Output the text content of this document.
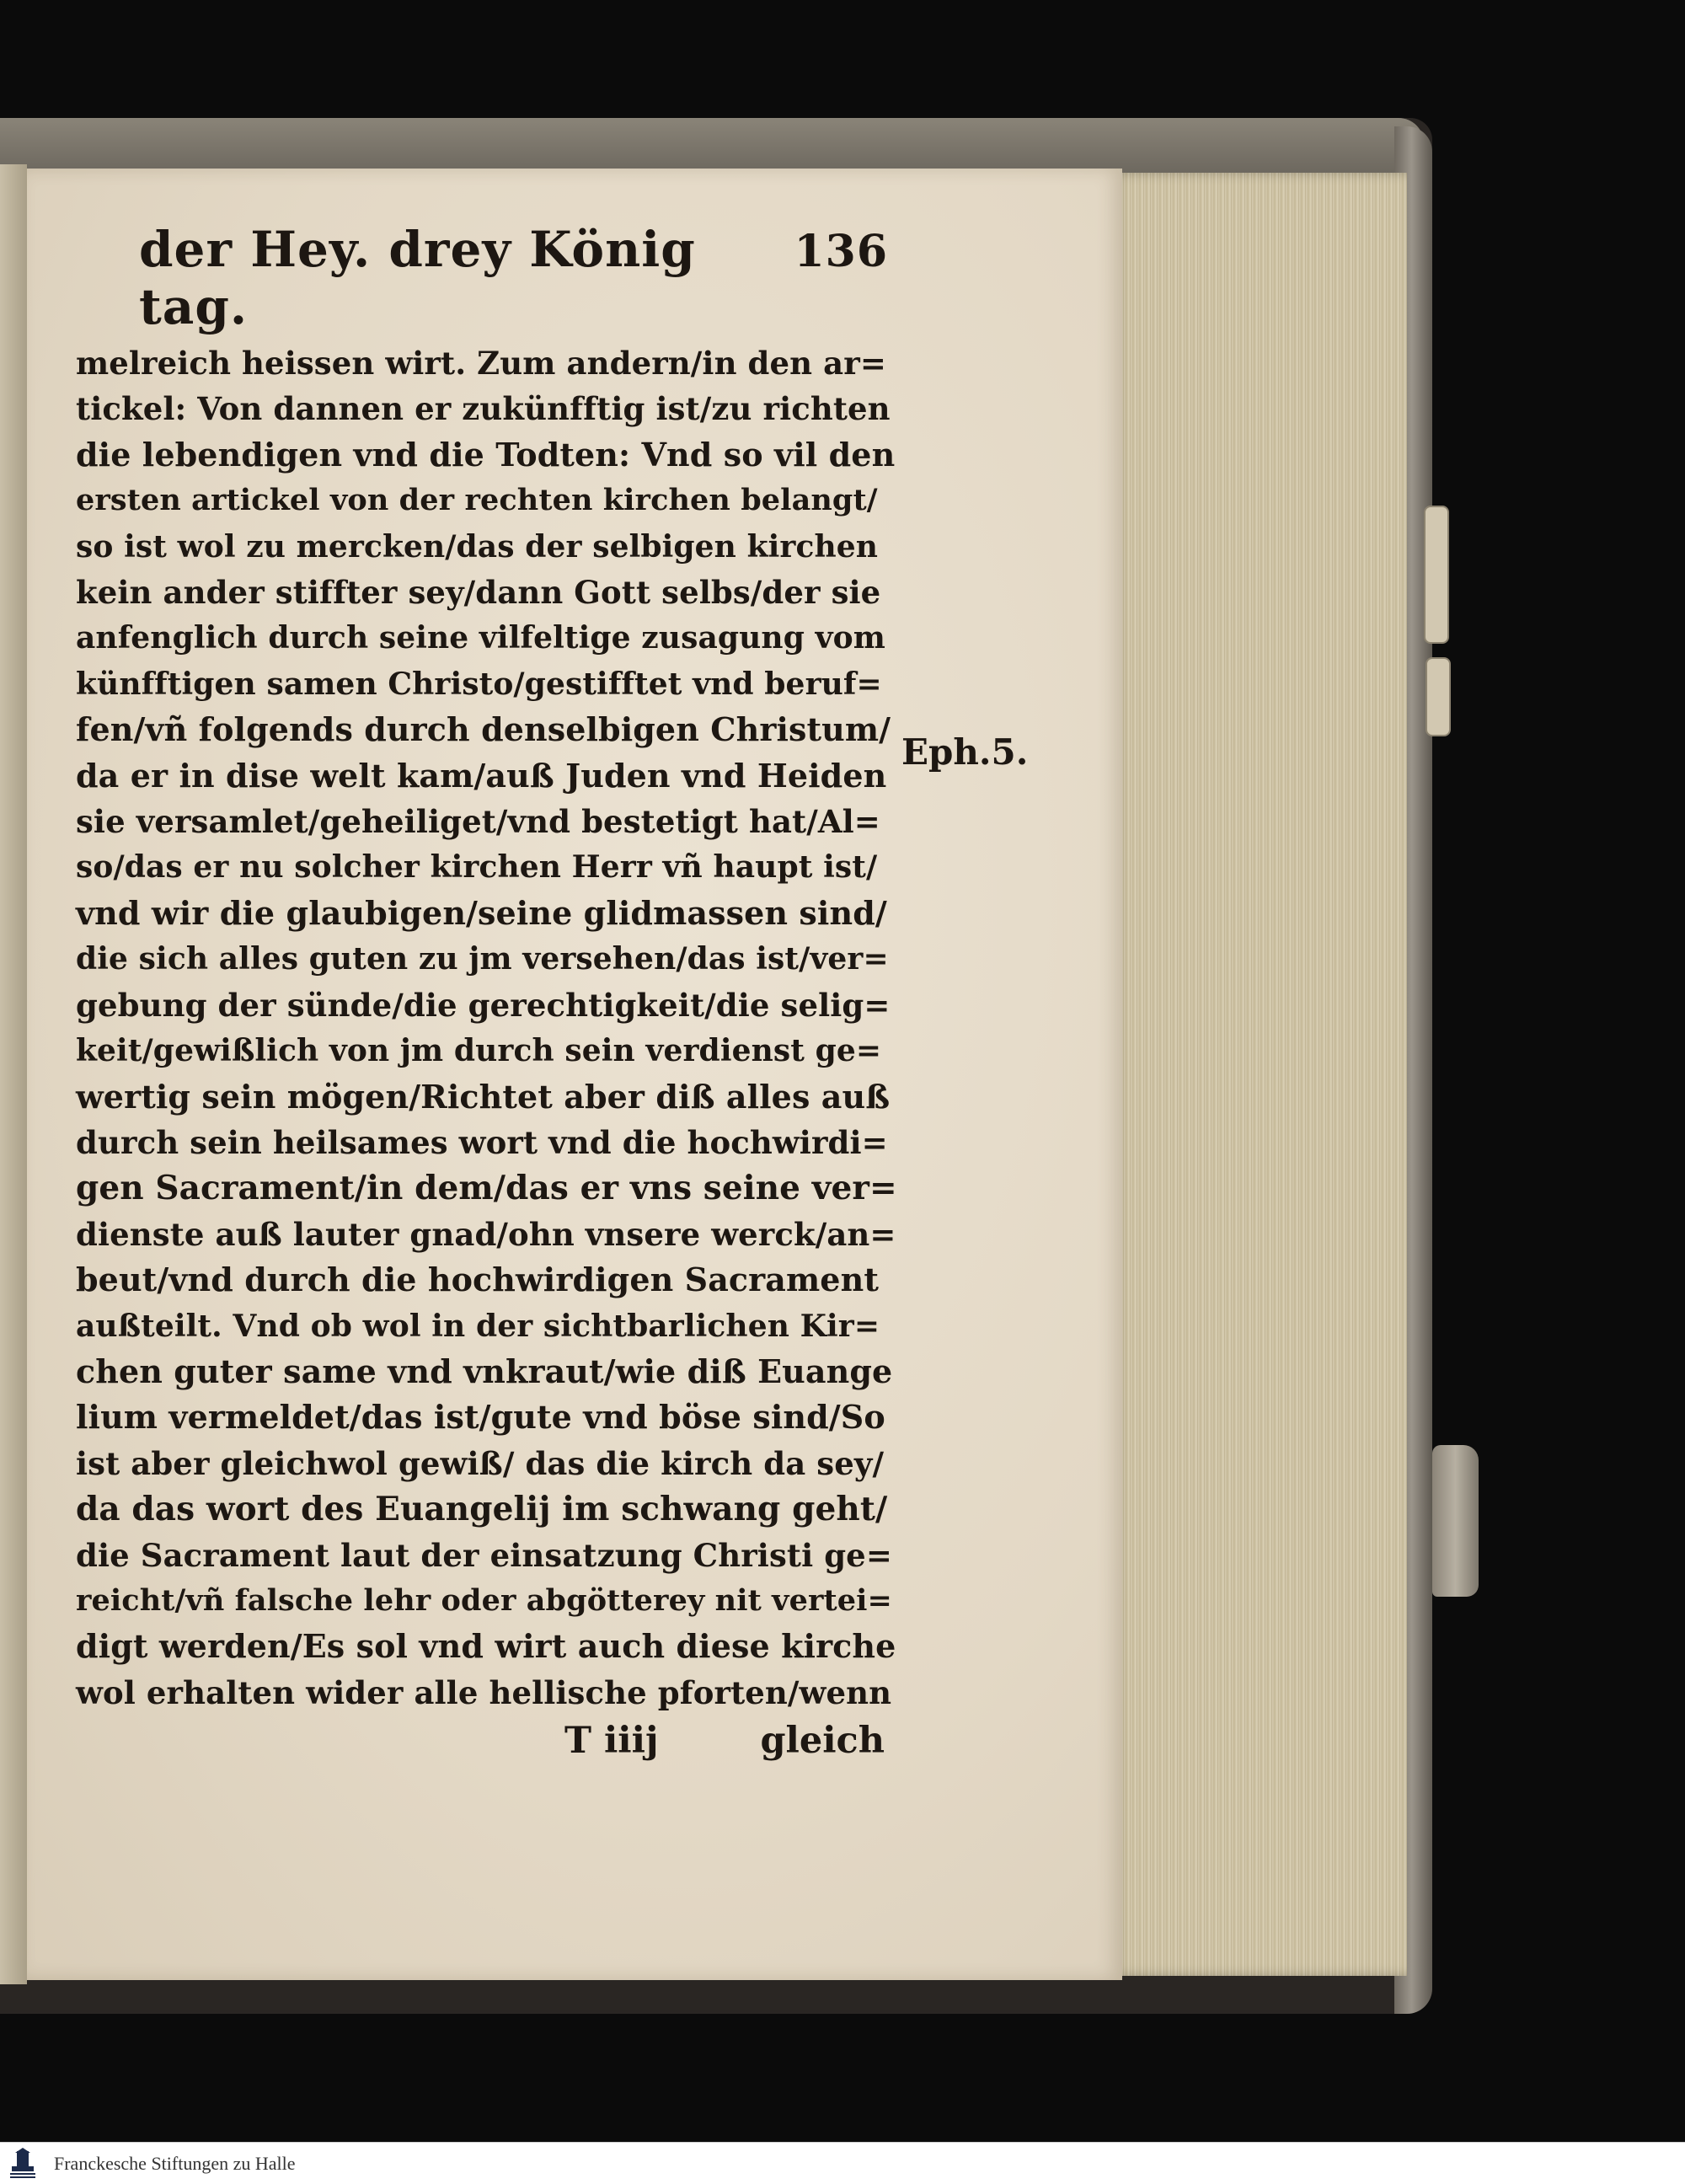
der Hey. drey König tag.
136
melreich heissen wirt. Zum andern/in den ar=
tickel: Von dannen er zukünfftig ist/zu richten
die lebendigen vnd die Todten: Vnd so vil den
ersten artickel von der rechten kirchen belangt/
so ist wol zu mercken/das der selbigen kirchen
kein ander stiffter sey/dann Gott selbs/der sie
anfenglich durch seine vilfeltige zusagung vom
künfftigen samen Christo/gestifftet vnd beruf=
fen/vñ folgends durch denselbigen Christum/
da er in dise welt kam/auß Juden vnd Heiden
sie versamlet/geheiliget/vnd bestetigt hat/Al=
so/das er nu solcher kirchen Herr vñ haupt ist/
vnd wir die glaubigen/seine glidmassen sind/
die sich alles guten zu jm versehen/das ist/ver=
gebung der sünde/die gerechtigkeit/die selig=
keit/gewißlich von jm durch sein verdienst ge=
wertig sein mögen/Richtet aber diß alles auß
durch sein heilsames wort vnd die hochwirdi=
gen Sacrament/in dem/das er vns seine ver=
dienste auß lauter gnad/ohn vnsere werck/an=
beut/vnd durch die hochwirdigen Sacrament
außteilt. Vnd ob wol in der sichtbarlichen Kir=
chen guter same vnd vnkraut/wie diß Euange
lium vermeldet/das ist/gute vnd böse sind/So
ist aber gleichwol gewiß/ das die kirch da sey/
da das wort des Euangelij im schwang geht/
die Sacrament laut der einsatzung Christi ge=
reicht/vñ falsche lehr oder abgötterey nit vertei=
digt werden/Es sol vnd wirt auch diese kirche
wol erhalten wider alle hellische pforten/wenn
T iiij	gleich
Eph.5.
Franckesche Stiftungen zu Halle
